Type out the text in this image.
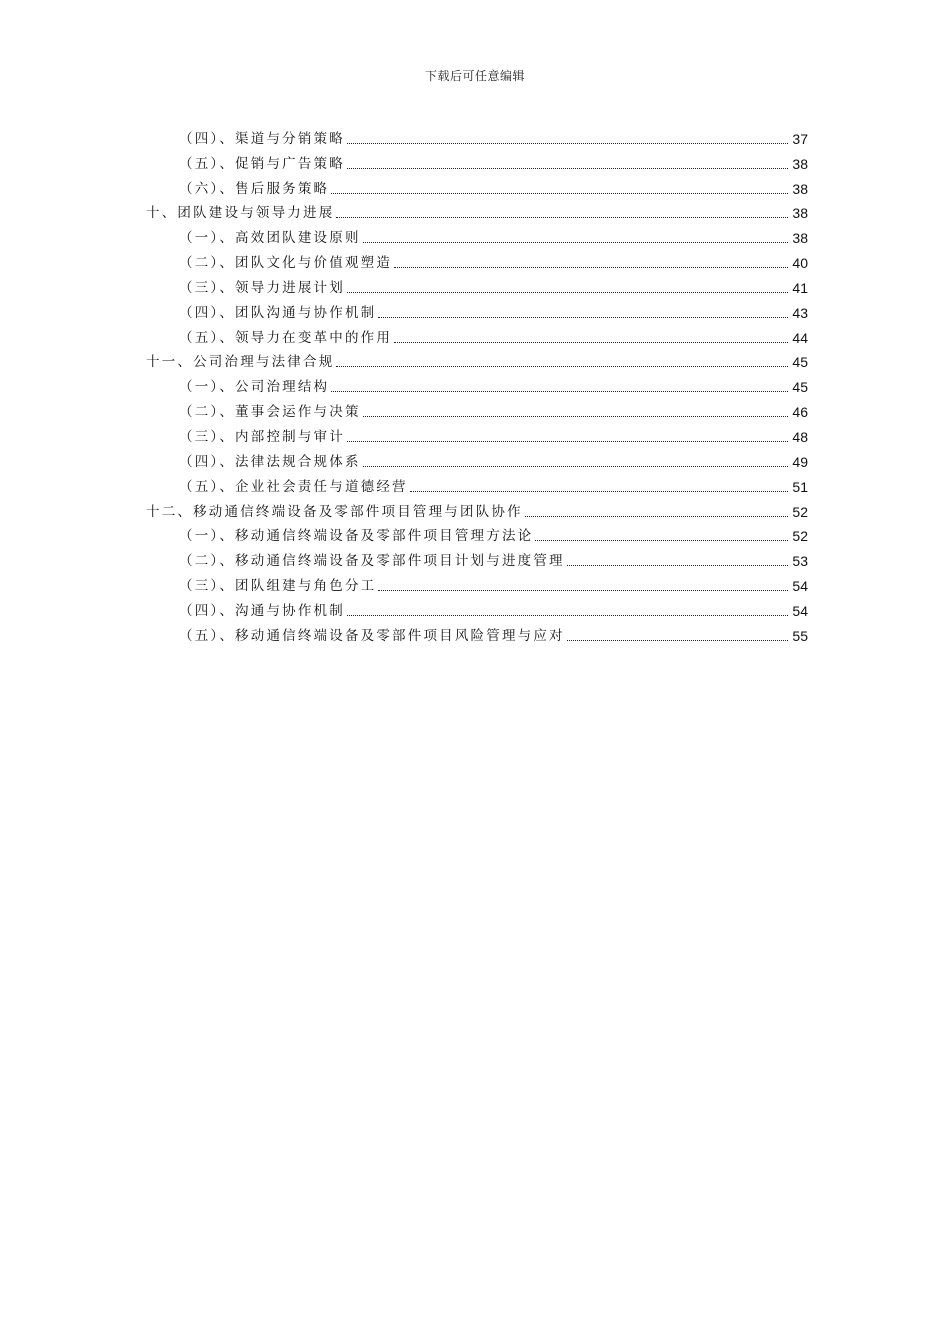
下载后可任意编辑
（四）、渠道与分销策略	37
（五）、促销与广告策略	38
（六）、售后服务策略	38
十、团队建设与领导力进展	38
（一）、高效团队建设原则	38
（二）、团队文化与价值观塑造	40
（三）、领导力进展计划	41
（四）、团队沟通与协作机制	43
（五）、领导力在变革中的作用	44
十一、公司治理与法律合规	45
（一）、公司治理结构	45
（二）、董事会运作与决策	46
（三）、内部控制与审计	48
（四）、法律法规合规体系	49
（五）、企业社会责任与道德经营	51
十二、移动通信终端设备及零部件项目管理与团队协作	52
（一）、移动通信终端设备及零部件项目管理方法论	52
（二）、移动通信终端设备及零部件项目计划与进度管理	53
（三）、团队组建与角色分工	54
（四）、沟通与协作机制	54
（五）、移动通信终端设备及零部件项目风险管理与应对	55
